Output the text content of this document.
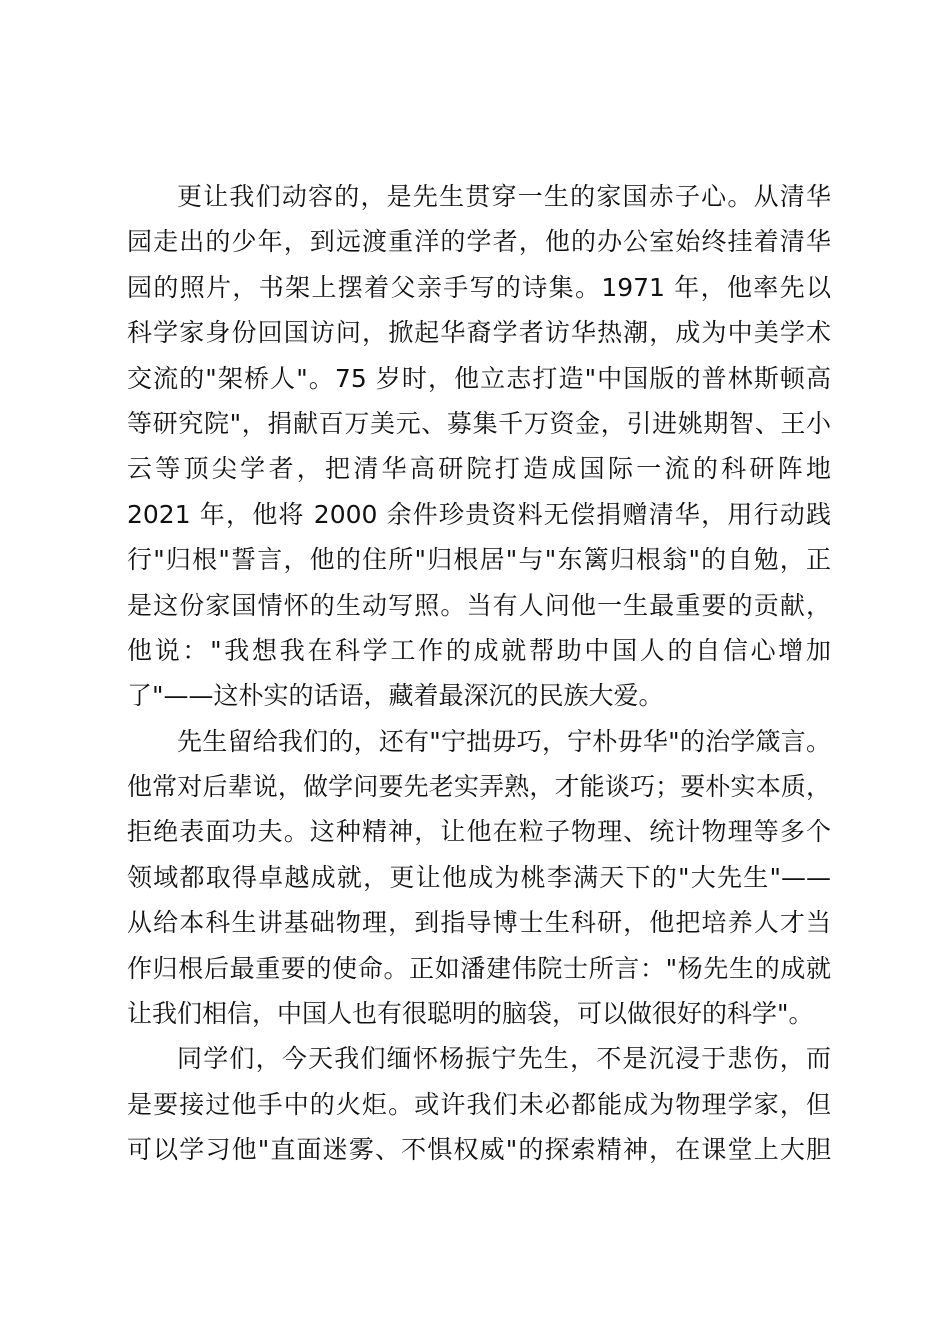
更让我们动容的，是先生贯穿一生的家国赤子心。从清华
园走出的少年，到远渡重洋的学者，他的办公室始终挂着清华
园的照片，书架上摆着父亲手写的诗集。1971 年，他率先以
科学家身份回国访问，掀起华裔学者访华热潮，成为中美学术
交流的"架桥人"。75 岁时，他立志打造"中国版的普林斯顿高
等研究院"，捐献百万美元、募集千万资金，引进姚期智、王小
云等顶尖学者，把清华高研院打造成国际一流的科研阵地
2021 年，他将 2000 余件珍贵资料无偿捐赠清华，用行动践
行"归根"誓言，他的住所"归根居"与"东篱归根翁"的自勉，正
是这份家国情怀的生动写照。当有人问他一生最重要的贡献，
他说："我想我在科学工作的成就帮助中国人的自信心增加
了"——这朴实的话语，藏着最深沉的民族大爱。
先生留给我们的，还有"宁拙毋巧，宁朴毋华"的治学箴言。
他常对后辈说，做学问要先老实弄熟，才能谈巧；要朴实本质，
拒绝表面功夫。这种精神，让他在粒子物理、统计物理等多个
领域都取得卓越成就，更让他成为桃李满天下的"大先生"——
从给本科生讲基础物理，到指导博士生科研，他把培养人才当
作归根后最重要的使命。正如潘建伟院士所言："杨先生的成就
让我们相信，中国人也有很聪明的脑袋，可以做很好的科学"。
同学们，今天我们缅怀杨振宁先生，不是沉浸于悲伤，而
是要接过他手中的火炬。或许我们未必都能成为物理学家，但
可以学习他"直面迷雾、不惧权威"的探索精神，在课堂上大胆
